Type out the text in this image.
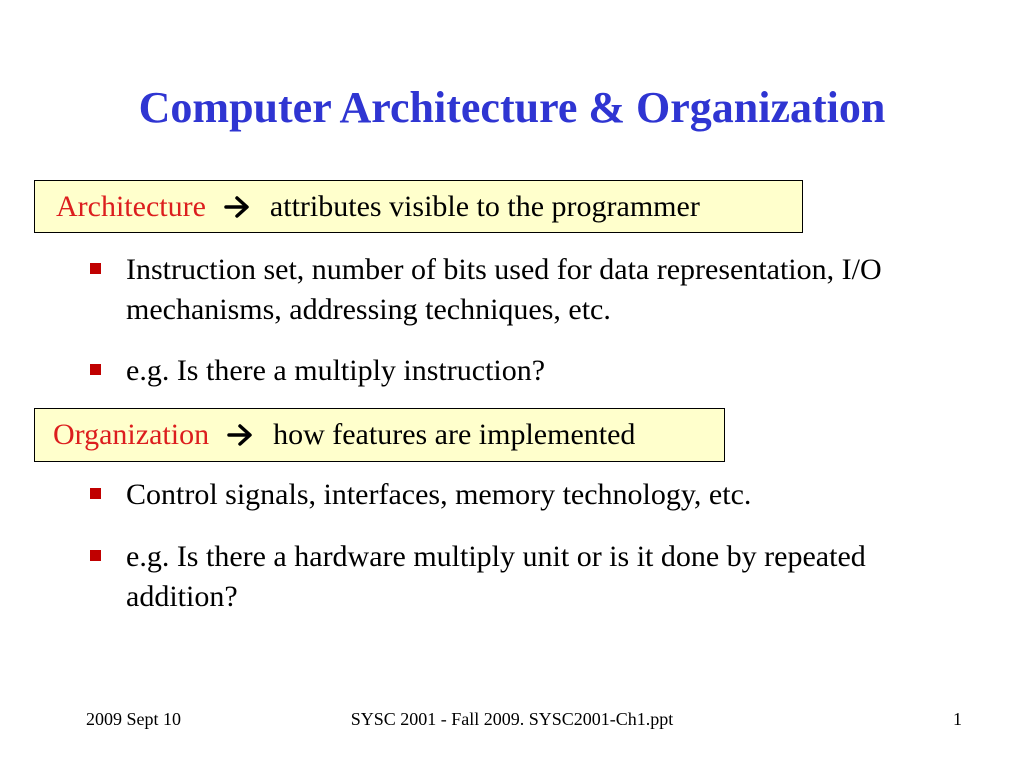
Computer Architecture & Organization
Architecture attributes visible to the programmer
Instruction set, number of bits used for data representation, I/O mechanisms, addressing techniques, etc.
e.g. Is there a multiply instruction?
Organization how features are implemented
Control signals, interfaces, memory technology, etc.
e.g. Is there a hardware multiply unit or is it done by repeated addition?
2009 Sept 10	SYSC 2001 - Fall 2009. SYSC2001-Ch1.ppt	1
